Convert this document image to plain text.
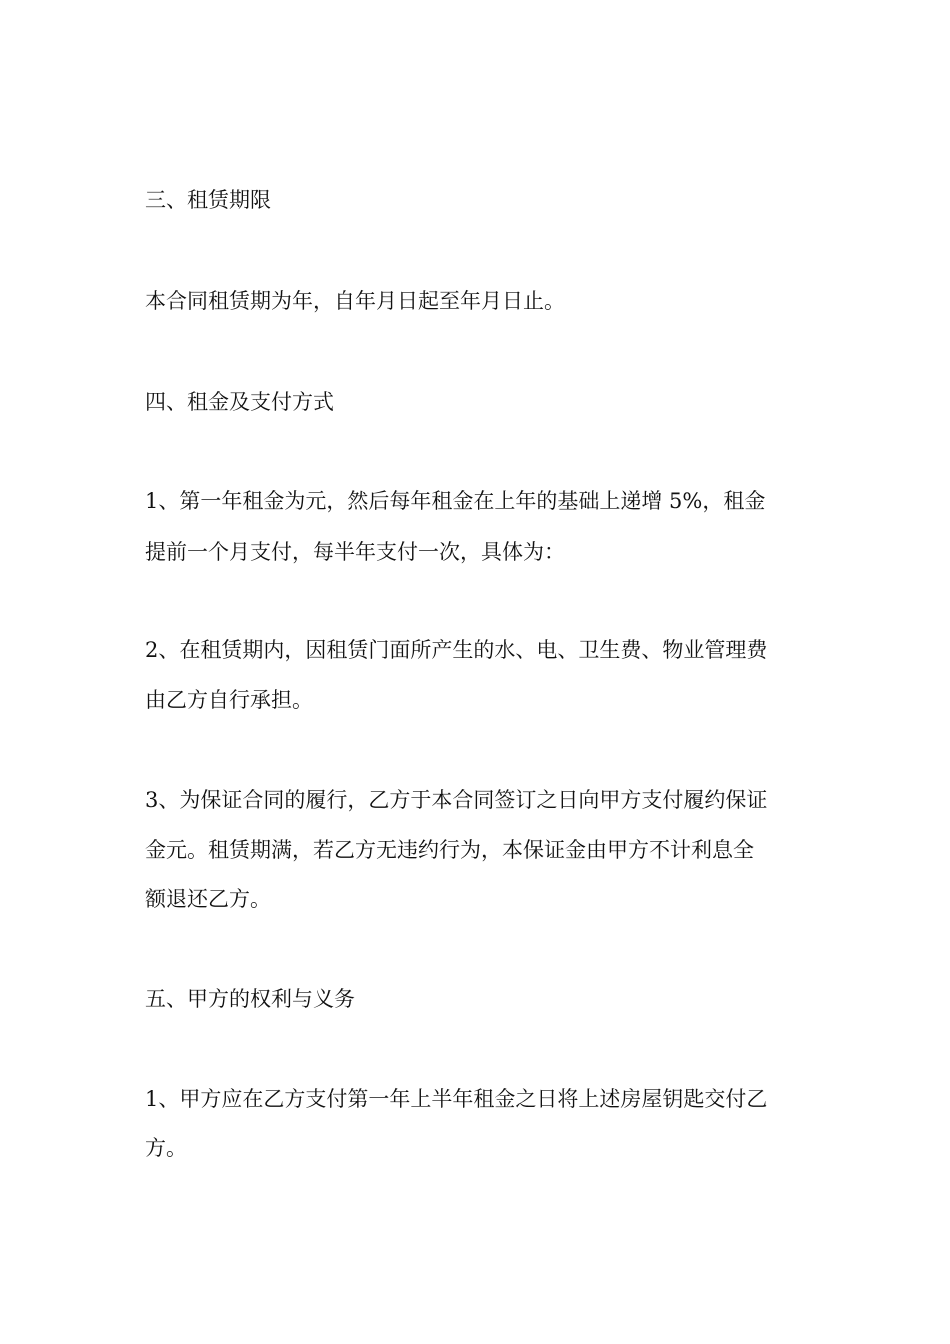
三、租赁期限

本合同租赁期为年，自年月日起至年月日止。

四、租金及支付方式

1、第一年租金为元，然后每年租金在上年的基础上递增 5%，租金

提前一个月支付，每半年支付一次，具体为：

2、在租赁期内，因租赁门面所产生的水、电、卫生费、物业管理费

由乙方自行承担。

3、为保证合同的履行，乙方于本合同签订之日向甲方支付履约保证

金元。租赁期满，若乙方无违约行为，本保证金由甲方不计利息全

额退还乙方。

五、甲方的权利与义务

1、甲方应在乙方支付第一年上半年租金之日将上述房屋钥匙交付乙

方。
